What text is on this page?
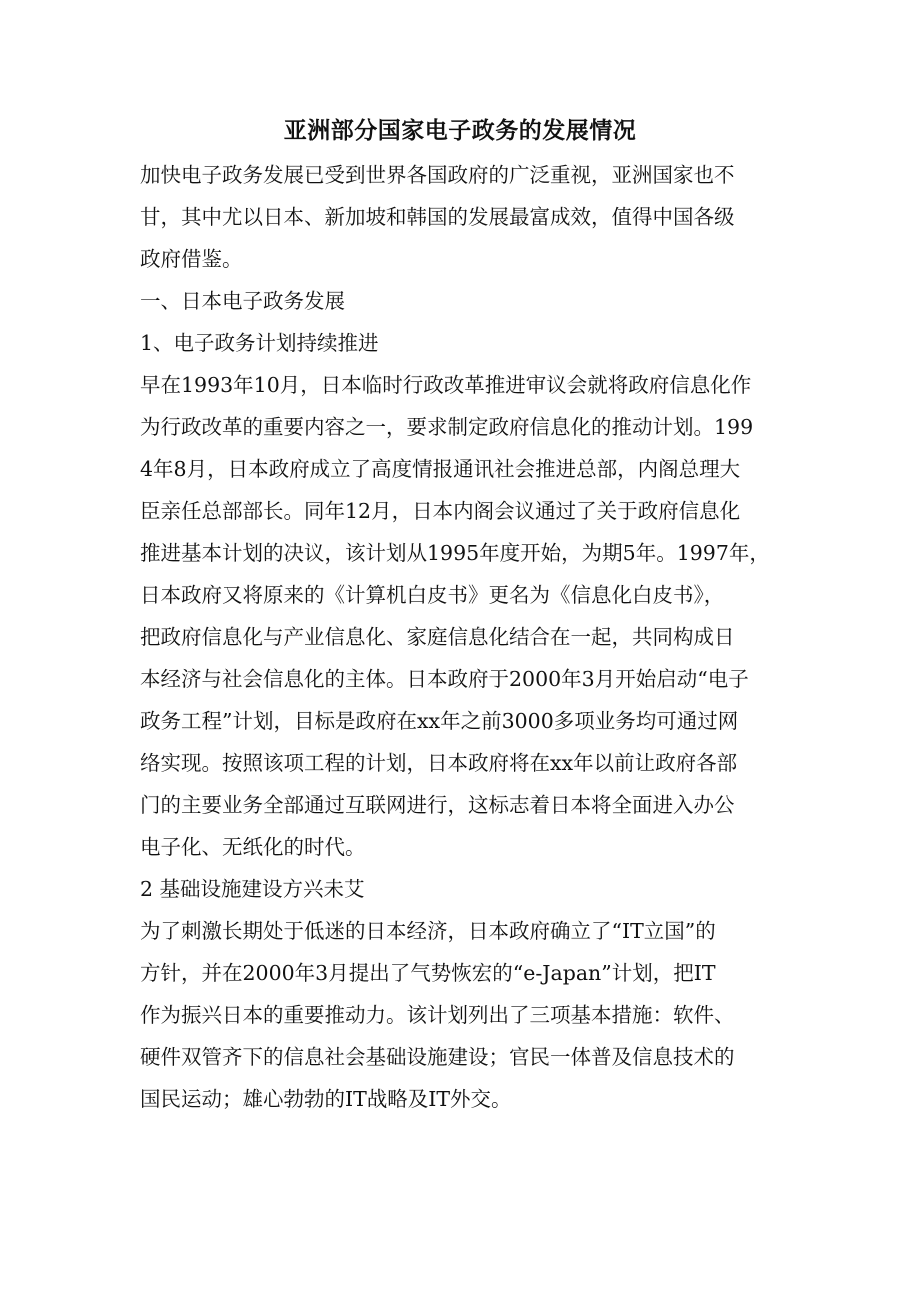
亚洲部分国家电子政务的发展情况
加快电子政务发展已受到世界各国政府的广泛重视，亚洲国家也不
甘，其中尤以日本、新加坡和韩国的发展最富成效，值得中国各级
政府借鉴。
一、日本电子政务发展
1、电子政务计划持续推进
早在1993年10月，日本临时行政改革推进审议会就将政府信息化作
为行政改革的重要内容之一，要求制定政府信息化的推动计划。199
4年8月，日本政府成立了高度情报通讯社会推进总部，内阁总理大
臣亲任总部部长。同年12月，日本内阁会议通过了关于政府信息化
推进基本计划的决议，该计划从1995年度开始，为期5年。1997年，
日本政府又将原来的《计算机白皮书》更名为《信息化白皮书》，
把政府信息化与产业信息化、家庭信息化结合在一起，共同构成日
本经济与社会信息化的主体。日本政府于2000年3月开始启动“电子
政务工程”计划，目标是政府在xx年之前3000多项业务均可通过网
络实现。按照该项工程的计划，日本政府将在xx年以前让政府各部
门的主要业务全部通过互联网进行，这标志着日本将全面进入办公
电子化、无纸化的时代。
2 基础设施建设方兴未艾
为了刺激长期处于低迷的日本经济，日本政府确立了“IT立国”的
方针，并在2000年3月提出了气势恢宏的“e-Japan”计划，把IT
作为振兴日本的重要推动力。该计划列出了三项基本措施：软件、
硬件双管齐下的信息社会基础设施建设；官民一体普及信息技术的
国民运动；雄心勃勃的IT战略及IT外交。
